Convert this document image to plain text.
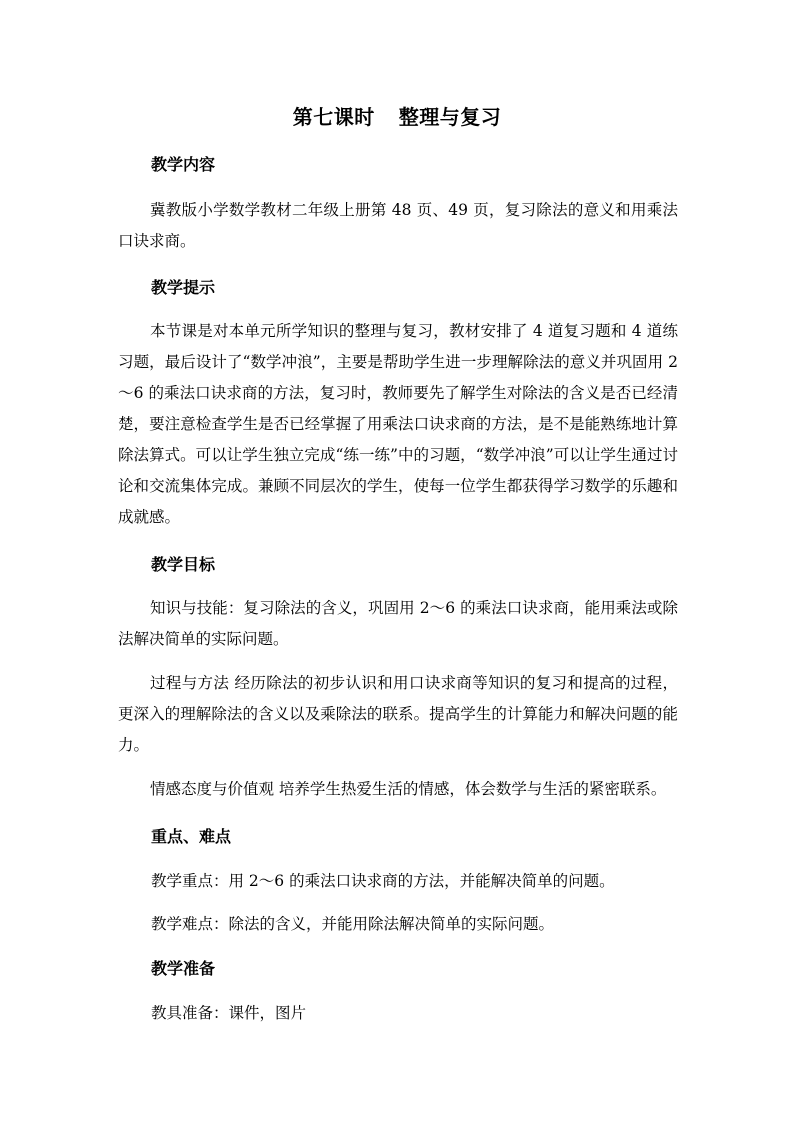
第七课时 整理与复习
教学内容
冀教版小学数学教材二年级上册第 48 页、49 页，复习除法的意义和用乘法口诀求商。
教学提示
本节课是对本单元所学知识的整理与复习，教材安排了 4 道复习题和 4 道练习题，最后设计了“数学冲浪”，主要是帮助学生进一步理解除法的意义并巩固用 2～6 的乘法口诀求商的方法，复习时，教师要先了解学生对除法的含义是否已经清楚，要注意检查学生是否已经掌握了用乘法口诀求商的方法，是不是能熟练地计算除法算式。可以让学生独立完成“练一练”中的习题，“数学冲浪”可以让学生通过讨论和交流集体完成。兼顾不同层次的学生，使每一位学生都获得学习数学的乐趣和成就感。
教学目标
知识与技能：复习除法的含义，巩固用 2～6 的乘法口诀求商，能用乘法或除法解决简单的实际问题。
过程与方法 经历除法的初步认识和用口诀求商等知识的复习和提高的过程，更深入的理解除法的含义以及乘除法的联系。提高学生的计算能力和解决问题的能力。
情感态度与价值观 培养学生热爱生活的情感，体会数学与生活的紧密联系。
重点、难点
教学重点：用 2～6 的乘法口诀求商的方法，并能解决简单的问题。
教学难点：除法的含义，并能用除法解决简单的实际问题。
教学准备
教具准备：课件，图片
